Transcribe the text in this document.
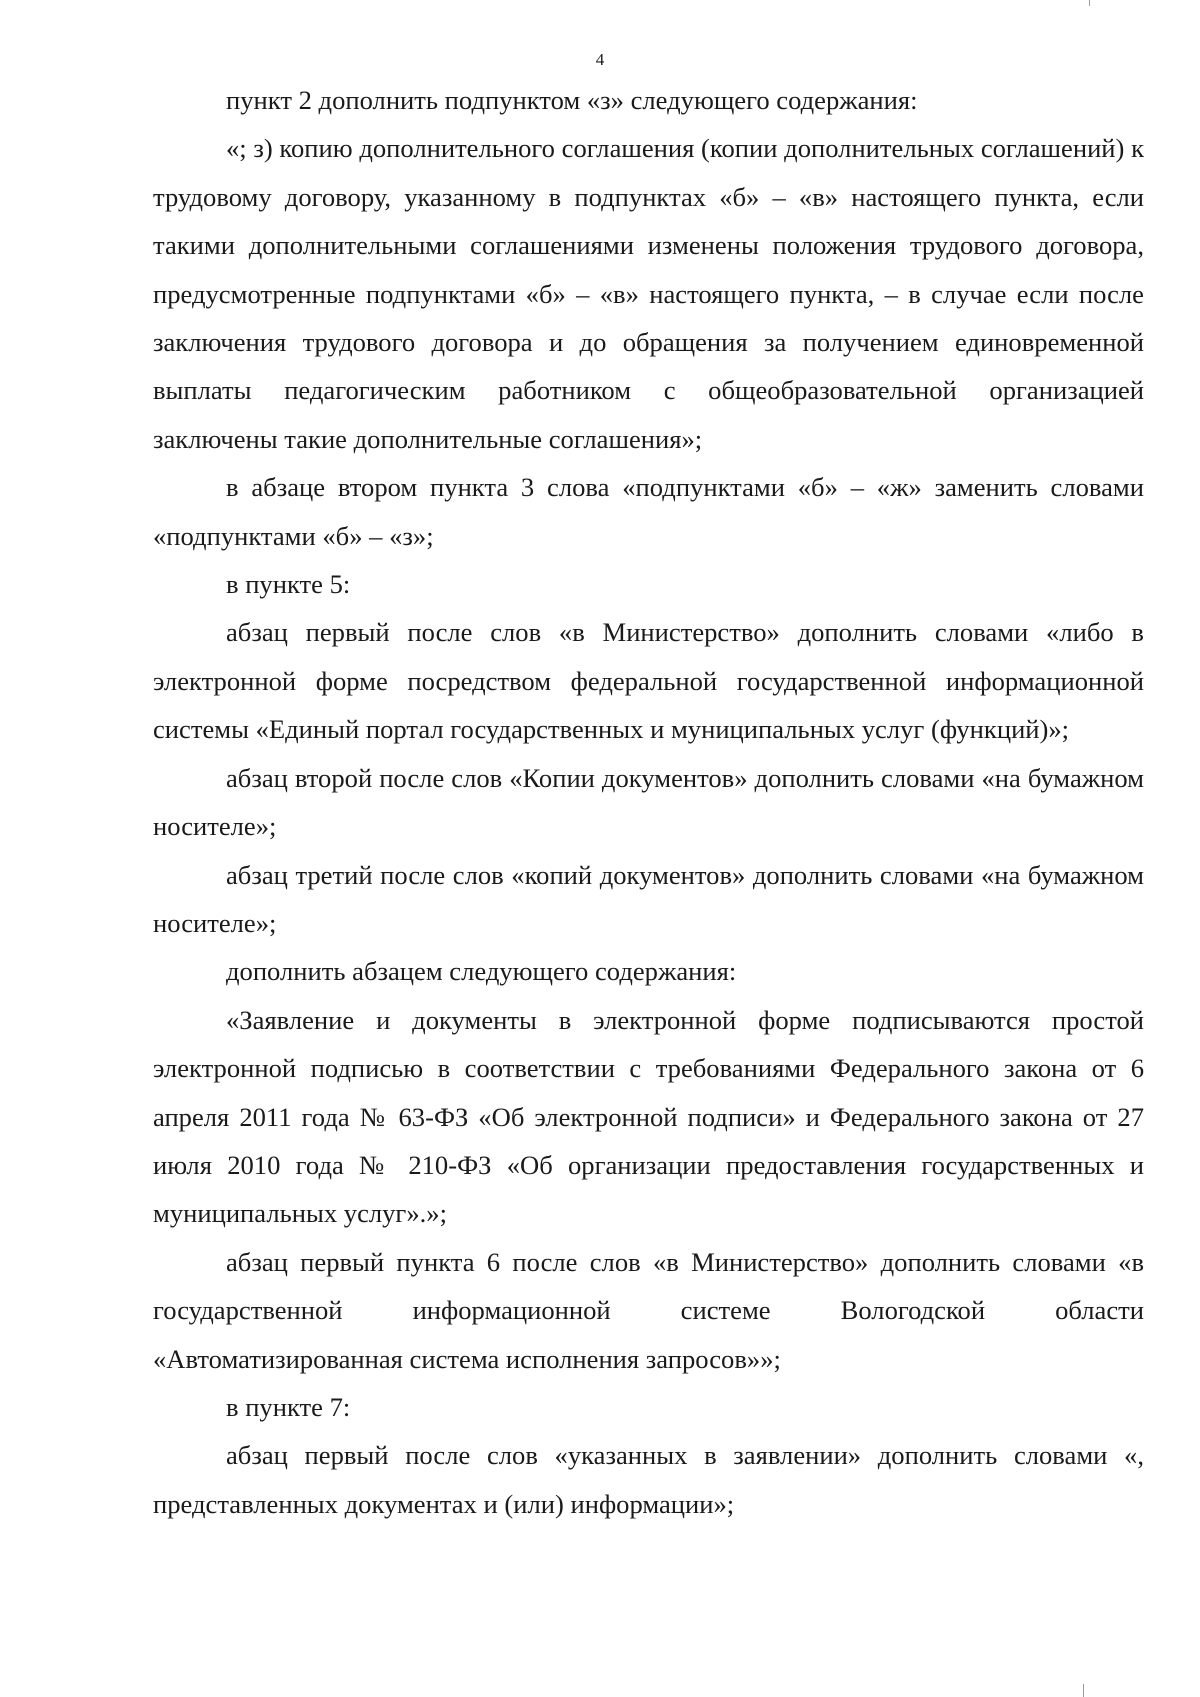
4

пункт 2 дополнить подпунктом «з» следующего содержания:

«; з) копию дополнительного соглашения (копии дополнительных соглашений) к трудовому договору, указанному в подпунктах «б» – «в» настоящего пункта, если такими дополнительными соглашениями изменены положения трудового договора, предусмотренные подпунктами «б» – «в» настоящего пункта, – в случае если после заключения трудового договора и до обращения за получением единовременной выплаты педагогическим работником с общеобразовательной организацией заключены такие дополнительные соглашения»;

в абзаце втором пункта 3 слова «подпунктами «б» – «ж» заменить словами «подпунктами «б» – «з»;

в пункте 5:

абзац первый после слов «в Министерство» дополнить словами «либо в электронной форме посредством федеральной государственной информационной системы «Единый портал государственных и муниципальных услуг (функций)»;

абзац второй после слов «Копии документов» дополнить словами «на бумажном носителе»;

абзац третий после слов «копий документов» дополнить словами «на бумажном носителе»;

дополнить абзацем следующего содержания:

«Заявление и документы в электронной форме подписываются простой электронной подписью в соответствии с требованиями Федерального закона от 6 апреля 2011 года № 63-ФЗ «Об электронной подписи» и Федерального закона от 27 июля 2010 года № 210-ФЗ «Об организации предоставления государственных и муниципальных услуг».»;

абзац первый пункта 6 после слов «в Министерство» дополнить словами «в государственной информационной системе Вологодской области «Автоматизированная система исполнения запросов»»;

в пункте 7:

абзац первый после слов «указанных в заявлении» дополнить словами «, представленных документах и (или) информации»;
